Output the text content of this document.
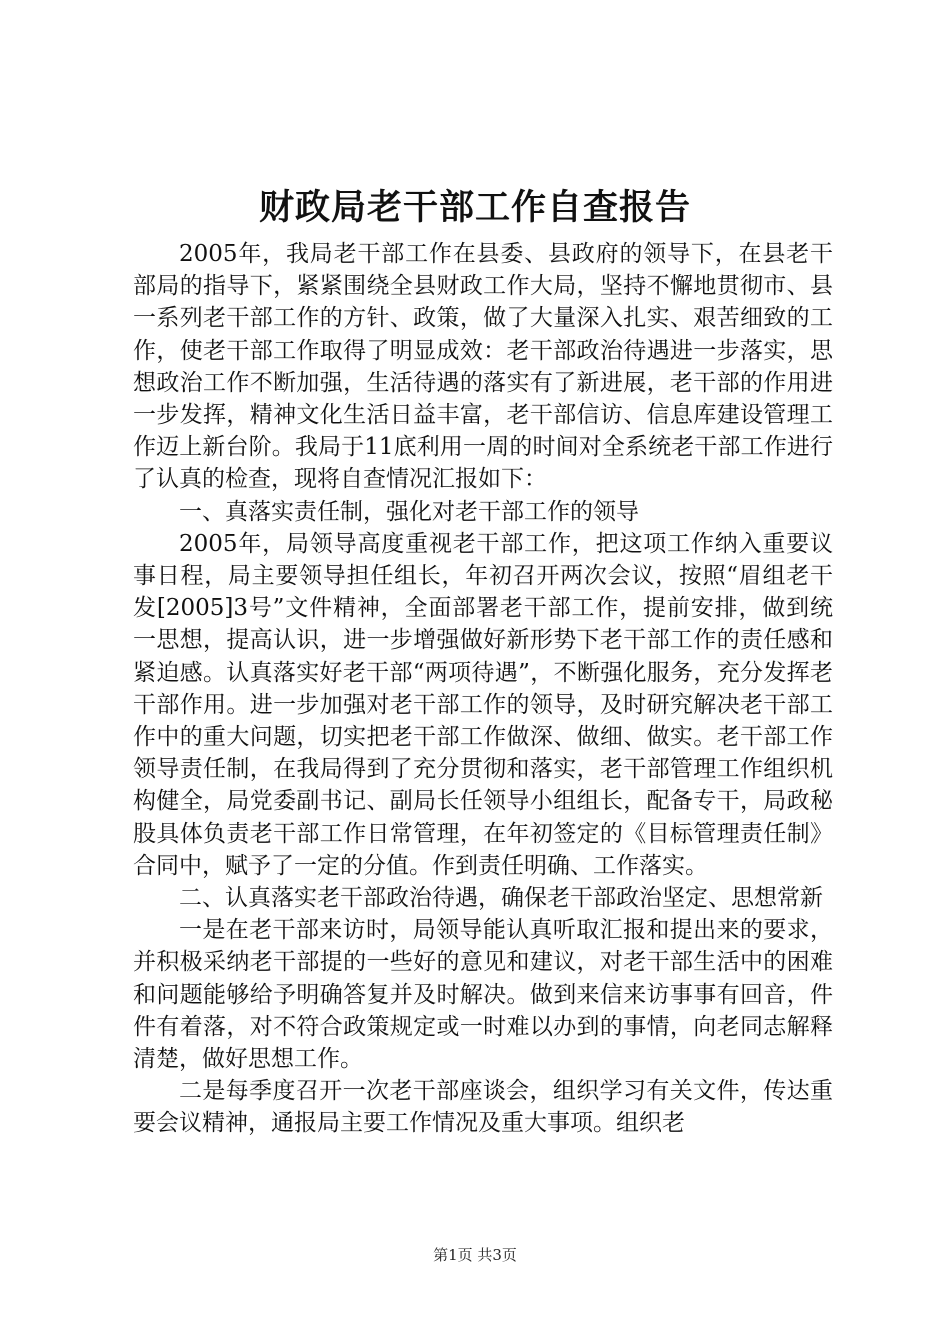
财政局老干部工作自查报告

2005年，我局老干部工作在县委、县政府的领导下，在县老干部局的指导下，紧紧围绕全县财政工作大局，坚持不懈地贯彻市、县一系列老干部工作的方针、政策，做了大量深入扎实、艰苦细致的工作，使老干部工作取得了明显成效：老干部政治待遇进一步落实，思想政治工作不断加强，生活待遇的落实有了新进展，老干部的作用进一步发挥，精神文化生活日益丰富，老干部信访、信息库建设管理工作迈上新台阶。我局于11底利用一周的时间对全系统老干部工作进行了认真的检查，现将自查情况汇报如下：

一、真落实责任制，强化对老干部工作的领导

2005年，局领导高度重视老干部工作，把这项工作纳入重要议事日程，局主要领导担任组长，年初召开两次会议，按照“眉组老干发[2005]3号”文件精神，全面部署老干部工作，提前安排，做到统一思想，提高认识，进一步增强做好新形势下老干部工作的责任感和紧迫感。认真落实好老干部“两项待遇”，不断强化服务，充分发挥老干部作用。进一步加强对老干部工作的领导，及时研究解决老干部工作中的重大问题，切实把老干部工作做深、做细、做实。老干部工作领导责任制，在我局得到了充分贯彻和落实，老干部管理工作组织机构健全，局党委副书记、副局长任领导小组组长，配备专干，局政秘股具体负责老干部工作日常管理，在年初签定的《目标管理责任制》合同中，赋予了一定的分值。作到责任明确、工作落实。

二、认真落实老干部政治待遇，确保老干部政治坚定、思想常新

一是在老干部来访时，局领导能认真听取汇报和提出来的要求，并积极采纳老干部提的一些好的意见和建议，对老干部生活中的困难和问题能够给予明确答复并及时解决。做到来信来访事事有回音，件件有着落，对不符合政策规定或一时难以办到的事情，向老同志解释清楚，做好思想工作。

二是每季度召开一次老干部座谈会，组织学习有关文件，传达重要会议精神，通报局主要工作情况及重大事项。组织老

第1页 共3页
